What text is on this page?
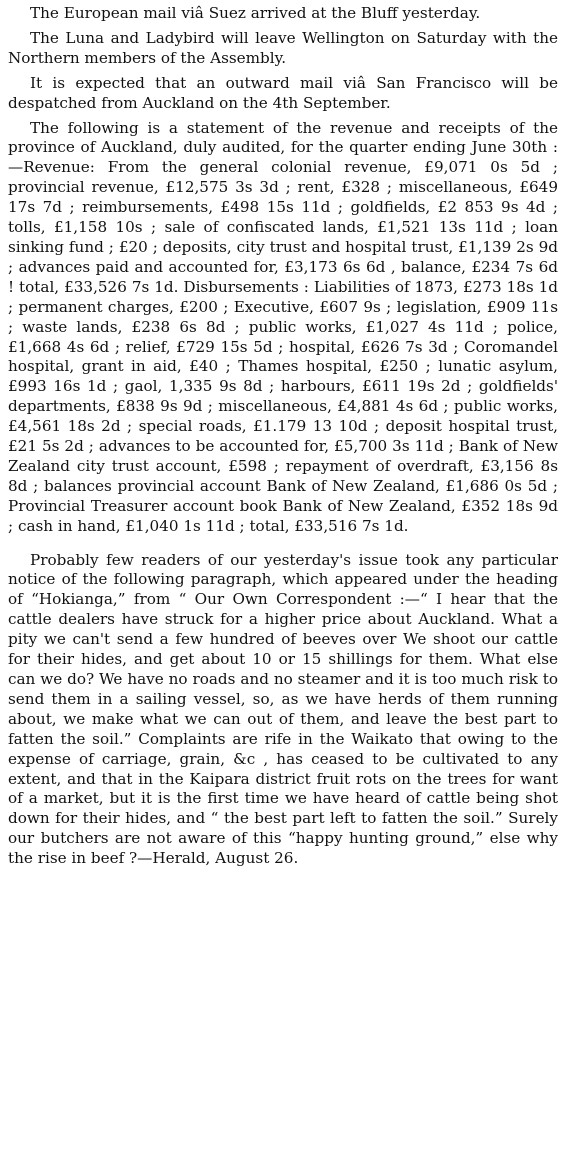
The European mail viâ Suez arrived at the Bluff yesterday.

The Luna and Ladybird will leave Wellington on Saturday with the Northern members of the Assembly.

It is expected that an outward mail viâ San Francisco will be despatched from Auckland on the 4th September.

The following is a statement of the revenue and receipts of the province of Auckland, duly audited, for the quarter ending June 30th :—Revenue: From the general colonial revenue, £9,071 0s 5d ; provincial revenue, £12,575 3s 3d ; rent, £328 ; miscellaneous, £649 17s 7d ; reimbursements, £498 15s 11d ; goldfields, £2 853 9s 4d ; tolls, £1,158 10s ; sale of confiscated lands, £1,521 13s 11d ; loan sinking fund ; £20 ; deposits, city trust and hospital trust, £1,139 2s 9d ; advances paid and accounted for, £3,173 6s 6d , balance, £234 7s 6d ! total, £33,526 7s 1d. Disbursements : Liabilities of 1873, £273 18s 1d ; permanent charges, £200 ; Executive, £607 9s ; legislation, £909 11s ; waste lands, £238 6s 8d ; public works, £1,027 4s 11d ; police, £1,668 4s 6d ; relief, £729 15s 5d ; hospital, £626 7s 3d ; Coromandel hospital, grant in aid, £40 ; Thames hospital, £250 ; lunatic asylum, £993 16s 1d ; gaol, 1,335 9s 8d ; harbours, £611 19s 2d ; goldfields' departments, £838 9s 9d ; miscellaneous, £4,881 4s 6d ; public works, £4,561 18s 2d ; special roads, £1.179 13 10d ; deposit hospital trust, £21 5s 2d ; advances to be accounted for, £5,700 3s 11d ; Bank of New Zealand city trust account, £598 ; repayment of overdraft, £3,156 8s 8d ; balances provincial account Bank of New Zealand, £1,686 0s 5d ; Provincial Treasurer account book Bank of New Zealand, £352 18s 9d ; cash in hand, £1,040 1s 11d ; total, £33,516 7s 1d.

Probably few readers of our yesterday's issue took any particular notice of the following paragraph, which appeared under the heading of “Hokianga,” from “ Our Own Correspondent :—“ I hear that the cattle dealers have struck for a higher price about Auckland. What a pity we can't send a few hundred of beeves over We shoot our cattle for their hides, and get about 10 or 15 shillings for them. What else can we do? We have no roads and no steamer and it is too much risk to send them in a sailing vessel, so, as we have herds of them running about, we make what we can out of them, and leave the best part to fatten the soil.” Complaints are rife in the Waikato that owing to the expense of carriage, grain, &c , has ceased to be cultivated to any extent, and that in the Kaipara district fruit rots on the trees for want of a market, but it is the first time we have heard of cattle being shot down for their hides, and “ the best part left to fatten the soil.” Surely our butchers are not aware of this “happy hunting ground,” else why the rise in beef ?—Herald, August 26.
